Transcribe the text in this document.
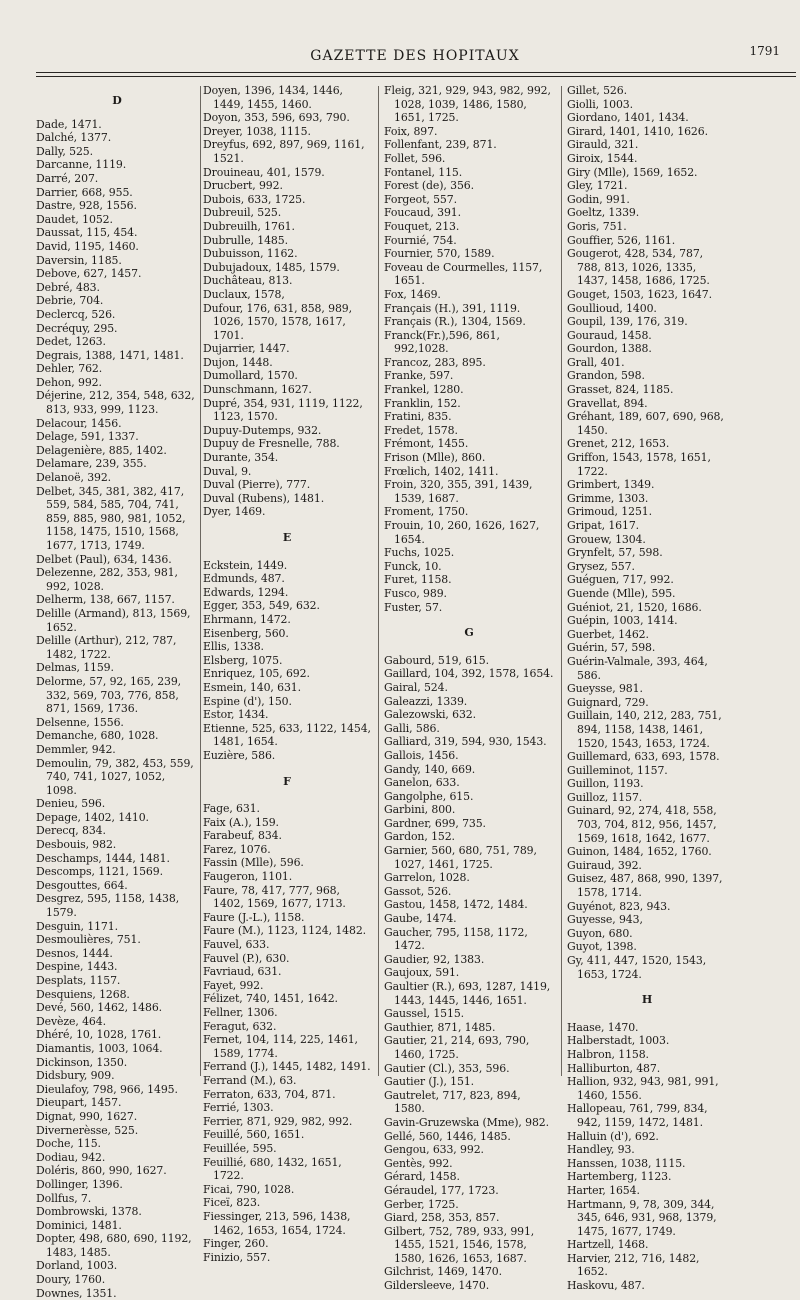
GAZETTE DES HOPITAUX	1791
D
Dade, 1471.
Dalché, 1377.
Dally, 525.
Darcanne, 1119.
Darré, 207.
Darrier, 668, 955.
Dastre, 928, 1556.
Daudet, 1052.
Daussat, 115, 454.
David, 1195, 1460.
Daversin, 1185.
Debove, 627, 1457.
Debré, 483.
Debrie, 704.
Declercq, 526.
Decréquy, 295.
Dedet, 1263.
Degrais, 1388, 1471, 1481.
Dehler, 762.
Dehon, 992.
Déjerine, 212, 354, 548, 632, 813, 933, 999, 1123.
Delacour, 1456.
Delage, 591, 1337.
Delagenière, 885, 1402.
Delamare, 239, 355.
Delanoë, 392.
Delbet, 345, 381, 382, 417, 559, 584, 585, 704, 741, 859, 885, 980, 981, 1052, 1158, 1475, 1510, 1568, 1677, 1713, 1749.
Delbet (Paul), 634, 1436.
Delezenne, 282, 353, 981, 992, 1028.
Delherm, 138, 667, 1157.
Delille (Armand), 813, 1569, 1652.
Delille (Arthur), 212, 787, 1482, 1722.
Delmas, 1159.
Delorme, 57, 92, 165, 239, 332, 569, 703, 776, 858, 871, 1569, 1736.
Delsenne, 1556.
Demanche, 680, 1028.
Demmler, 942.
Demoulin, 79, 382, 453, 559, 740, 741, 1027, 1052, 1098.
Denieu, 596.
Depage, 1402, 1410.
Derecq, 834.
Desbouis, 982.
Deschamps, 1444, 1481.
Descomps, 1121, 1569.
Desgouttes, 664.
Desgrez, 595, 1158, 1438, 1579.
Desguin, 1171.
Desmoulières, 751.
Desnos, 1444.
Despine, 1443.
Desplats, 1157.
Desquiens, 1268.
Devé, 560, 1462, 1486.
Devèze, 464.
Dhéré, 10, 1028, 1761.
Diamantis, 1003, 1064.
Dickinson, 1350.
Didsbury, 909.
Dieulafoy, 798, 966, 1495.
Dieupart, 1457.
Dignat, 990, 1627.
Divernerèsse, 525.
Doche, 115.
Dodiau, 942.
Doléris, 860, 990, 1627.
Dollinger, 1396.
Dollfus, 7.
Dombrowski, 1378.
Dominici, 1481.
Dopter, 498, 680, 690, 1192, 1483, 1485.
Dorland, 1003.
Doury, 1760.
Downes, 1351.
Doyen, 1396, 1434, 1446, 1449, 1455, 1460.
Doyon, 353, 596, 693, 790.
Dreyer, 1038, 1115.
Dreyfus, 692, 897, 969, 1161, 1521.
Drouineau, 401, 1579.
Drucbert, 992.
Dubois, 633, 1725.
Dubreuil, 525.
Dubreuilh, 1761.
Dubrulle, 1485.
Dubuisson, 1162.
Dubujadoux, 1485, 1579.
Duchâteau, 813.
Duclaux, 1578,
Dufour, 176, 631, 858, 989, 1026, 1570, 1578, 1617, 1701.
Dujarrier, 1447.
Dujon, 1448.
Dumollard, 1570.
Dunschmann, 1627.
Dupré, 354, 931, 1119, 1122, 1123, 1570.
Dupuy-Dutemps, 932.
Dupuy de Fresnelle, 788.
Durante, 354.
Duval, 9.
Duval (Pierre), 777.
Duval (Rubens), 1481.
Dyer, 1469.
E
Eckstein, 1449.
Edmunds, 487.
Edwards, 1294.
Egger, 353, 549, 632.
Ehrmann, 1472.
Eisenberg, 560.
Ellis, 1338.
Elsberg, 1075.
Enriquez, 105, 692.
Esmein, 140, 631.
Espine (d'), 150.
Estor, 1434.
Etienne, 525, 633, 1122, 1454, 1481, 1654.
Euzière, 586.
F
Fage, 631.
Faix (A.), 159.
Farabeuf, 834.
Farez, 1076.
Fassin (Mlle), 596.
Faugeron, 1101.
Faure, 78, 417, 777, 968, 1402, 1569, 1677, 1713.
Faure (J.-L.), 1158.
Faure (M.), 1123, 1124, 1482.
Fauvel, 633.
Fauvel (P.), 630.
Favriaud, 631.
Fayet, 992.
Félizet, 740, 1451, 1642.
Fellner, 1306.
Feragut, 632.
Fernet, 104, 114, 225, 1461, 1589, 1774.
Ferrand (J.), 1445, 1482, 1491.
Ferrand (M.), 63.
Ferraton, 633, 704, 871.
Ferrié, 1303.
Ferrier, 871, 929, 982, 992.
Feuillé, 560, 1651.
Feuillée, 595.
Feuillié, 680, 1432, 1651, 1722.
Ficai, 790, 1028.
Ficeï, 823.
Fiessinger, 213, 596, 1438, 1462, 1653, 1654, 1724.
Finger, 260.
Finizio, 557.
Fleig, 321, 929, 943, 982, 992, 1028, 1039, 1486, 1580, 1651, 1725.
Foix, 897.
Follenfant, 239, 871.
Follet, 596.
Fontanel, 115.
Forest (de), 356.
Forgeot, 557.
Foucaud, 391.
Fouquet, 213.
Fournié, 754.
Fournier, 570, 1589.
Foveau de Courmelles, 1157, 1651.
Fox, 1469.
Français (H.), 391, 1119.
Français (R.), 1304, 1569.
Franck(Fr.),596, 861, 992,1028.
Francoz, 283, 895.
Franke, 597.
Frankel, 1280.
Franklin, 152.
Fratini, 835.
Fredet, 1578.
Frémont, 1455.
Frison (Mlle), 860.
Frœlich, 1402, 1411.
Froin, 320, 355, 391, 1439, 1539, 1687.
Froment, 1750.
Frouin, 10, 260, 1626, 1627, 1654.
Fuchs, 1025.
Funck, 10.
Furet, 1158.
Fusco, 989.
Fuster, 57.
G
Gabourd, 519, 615.
Gaillard, 104, 392, 1578, 1654.
Gairal, 524.
Galeazzi, 1339.
Galezowski, 632.
Galli, 586.
Galliard, 319, 594, 930, 1543.
Gallois, 1456.
Gandy, 140, 669.
Ganelon, 633.
Gangolphe, 615.
Garbini, 800.
Gardner, 699, 735.
Gardon, 152.
Garnier, 560, 680, 751, 789, 1027, 1461, 1725.
Garrelon, 1028.
Gassot, 526.
Gastou, 1458, 1472, 1484.
Gaube, 1474.
Gaucher, 795, 1158, 1172, 1472.
Gaudier, 92, 1383.
Gaujoux, 591.
Gaultier (R.), 693, 1287, 1419, 1443, 1445, 1446, 1651.
Gaussel, 1515.
Gauthier, 871, 1485.
Gautier, 21, 214, 693, 790, 1460, 1725.
Gautier (Cl.), 353, 596.
Gautier (J.), 151.
Gautrelet, 717, 823, 894, 1580.
Gavin-Gruzewska (Mme), 982.
Gellé, 560, 1446, 1485.
Gengou, 633, 992.
Gentès, 992.
Gérard, 1458.
Géraudel, 177, 1723.
Gerber, 1725.
Giard, 258, 353, 857.
Gilbert, 752, 789, 933, 991, 1455, 1521, 1546, 1578, 1580, 1626, 1653, 1687.
Gilchrist, 1469, 1470.
Gildersleeve, 1470.
Gillet, 526.
Giolli, 1003.
Giordano, 1401, 1434.
Girard, 1401, 1410, 1626.
Girauld, 321.
Giroix, 1544.
Giry (Mlle), 1569, 1652.
Gley, 1721.
Godin, 991.
Goeltz, 1339.
Goris, 751.
Gouffier, 526, 1161.
Gougerot, 428, 534, 787, 788, 813, 1026, 1335, 1437, 1458, 1686, 1725.
Gouget, 1503, 1623, 1647.
Goullioud, 1400.
Goupil, 139, 176, 319.
Gouraud, 1458.
Gourdon, 1388.
Grall, 401.
Grandon, 598.
Grasset, 824, 1185.
Gravellat, 894.
Gréhant, 189, 607, 690, 968, 1450.
Grenet, 212, 1653.
Griffon, 1543, 1578, 1651, 1722.
Grimbert, 1349.
Grimme, 1303.
Grimoud, 1251.
Gripat, 1617.
Grouew, 1304.
Grynfelt, 57, 598.
Grysez, 557.
Guéguen, 717, 992.
Guende (Mlle), 595.
Guéniot, 21, 1520, 1686.
Guépin, 1003, 1414.
Guerbet, 1462.
Guérin, 57, 598.
Guérin-Valmale, 393, 464, 586.
Gueysse, 981.
Guignard, 729.
Guillain, 140, 212, 283, 751, 894, 1158, 1438, 1461, 1520, 1543, 1653, 1724.
Guillemard, 633, 693, 1578.
Guilleminot, 1157.
Guillon, 1193.
Guilloz, 1157.
Guinard, 92, 274, 418, 558, 703, 704, 812, 956, 1457, 1569, 1618, 1642, 1677.
Guinon, 1484, 1652, 1760.
Guiraud, 392.
Guisez, 487, 868, 990, 1397, 1578, 1714.
Guyénot, 823, 943.
Guyesse, 943,
Guyon, 680.
Guyot, 1398.
Gy, 411, 447, 1520, 1543, 1653, 1724.
H
Haase, 1470.
Halberstadt, 1003.
Halbron, 1158.
Halliburton, 487.
Hallion, 932, 943, 981, 991, 1460, 1556.
Hallopeau, 761, 799, 834, 942, 1159, 1472, 1481.
Halluin (d'), 692.
Handley, 93.
Hanssen, 1038, 1115.
Hartemberg, 1123.
Harter, 1654.
Hartmann, 9, 78, 309, 344, 345, 646, 931, 968, 1379, 1475, 1677, 1749.
Hartzell, 1468.
Harvier, 212, 716, 1482, 1652.
Haskovu, 487.
